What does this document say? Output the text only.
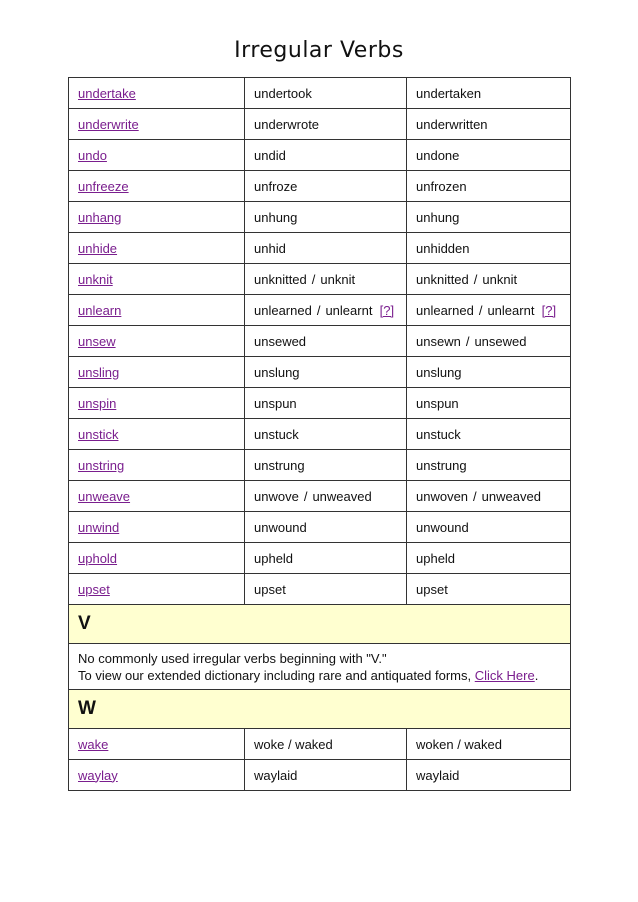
Irregular Verbs
undertake	undertook	undertaken
underwrite	underwrote	underwritten
undo	undid	undone
unfreeze	unfroze	unfrozen
unhang	unhung	unhung
unhide	unhid	unhidden
unknit	unknitted / unknit	unknitted / unknit
unlearn	unlearned / unlearnt [?]	unlearned / unlearnt [?]
unsew	unsewed	unsewn / unsewed
unsling	unslung	unslung
unspin	unspun	unspun
unstick	unstuck	unstuck
unstring	unstrung	unstrung
unweave	unwove / unweaved	unwoven / unweaved
unwind	unwound	unwound
uphold	upheld	upheld
upset	upset	upset
V		
No commonly used irregular verbs beginning with "V."
To view our extended dictionary including rare and antiquated forms, Click Here.		
W		
wake	woke / waked	woken / waked
waylay	waylaid	waylaid
